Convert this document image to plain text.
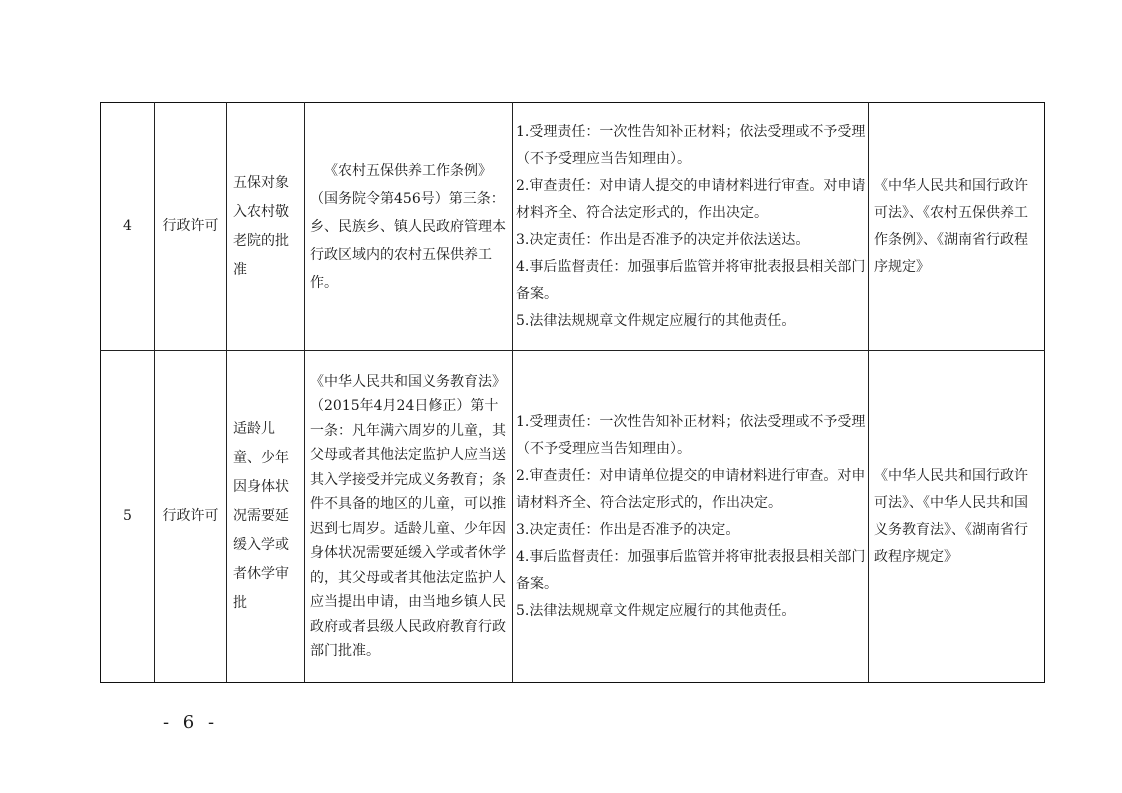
4	行政许可	五保对象入农村敬老院的批准	《农村五保供养工作条例》（国务院令第456号）第三条：乡、民族乡、镇人民政府管理本行政区域内的农村五保供养工作。	1.受理责任：一次性告知补正材料；依法受理或不予受理（不予受理应当告知理由）。
2.审查责任：对申请人提交的申请材料进行审查。对申请材料齐全、符合法定形式的，作出决定。
3.决定责任：作出是否准予的决定并依法送达。
4.事后监督责任：加强事后监管并将审批表报县相关部门备案。
5.法律法规规章文件规定应履行的其他责任。	《中华人民共和国行政许可法》、《农村五保供养工作条例》、《湖南省行政程序规定》
5	行政许可	适龄儿童、少年因身体状况需要延缓入学或者休学审批	《中华人民共和国义务教育法》（2015年4月24日修正）第十一条：凡年满六周岁的儿童，其父母或者其他法定监护人应当送其入学接受并完成义务教育；条件不具备的地区的儿童，可以推迟到七周岁。适龄儿童、少年因身体状况需要延缓入学或者休学的，其父母或者其他法定监护人应当提出申请，由当地乡镇人民政府或者县级人民政府教育行政部门批准。	1.受理责任：一次性告知补正材料；依法受理或不予受理（不予受理应当告知理由）。
2.审查责任：对申请单位提交的申请材料进行审查。对申请材料齐全、符合法定形式的，作出决定。
3.决定责任：作出是否准予的决定。
4.事后监督责任：加强事后监管并将审批表报县相关部门备案。
5.法律法规规章文件规定应履行的其他责任。	《中华人民共和国行政许可法》、《中华人民共和国义务教育法》、《湖南省行政程序规定》
- 6 -
